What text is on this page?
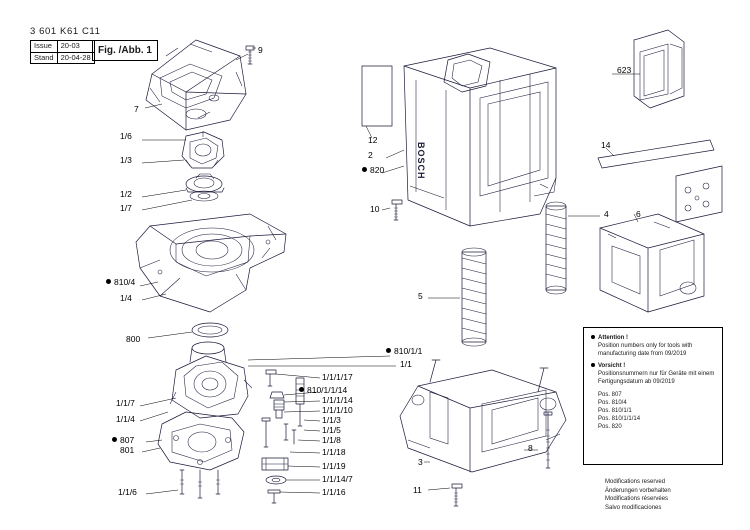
3 601 K61 C11
Issue	20-03
Stand	20-04-28
Fig. /Abb. 1
BOSCH
9
7
1/6
1/3
1/2
1/7
810/4
1/4
800
1/1/7
1/1/4
807
801
1/1/6
12
2
820
10
5
4	6
623
14
3
8
11
810/1/1
1/1
1/1/1/17
810/1/1/14
1/1/1/14
1/1/1/10
1/1/3
1/1/5
1/1/8
1/1/18
1/1/19
1/1/14/7
1/1/16
Attention !
Position numbers only for tools with manufacturing date from 09/2019
Vorsicht !
Positionsnummern nur für Geräte mit einem Fertigungsdatum ab 09/2019
Pos. 807
Pos. 810/4
Pos. 810/1/1
Pos. 810/1/1/14
Pos. 820
Modifications reserved
Änderungen vorbehalten
Modifications réservées
Salvo modificaciones
